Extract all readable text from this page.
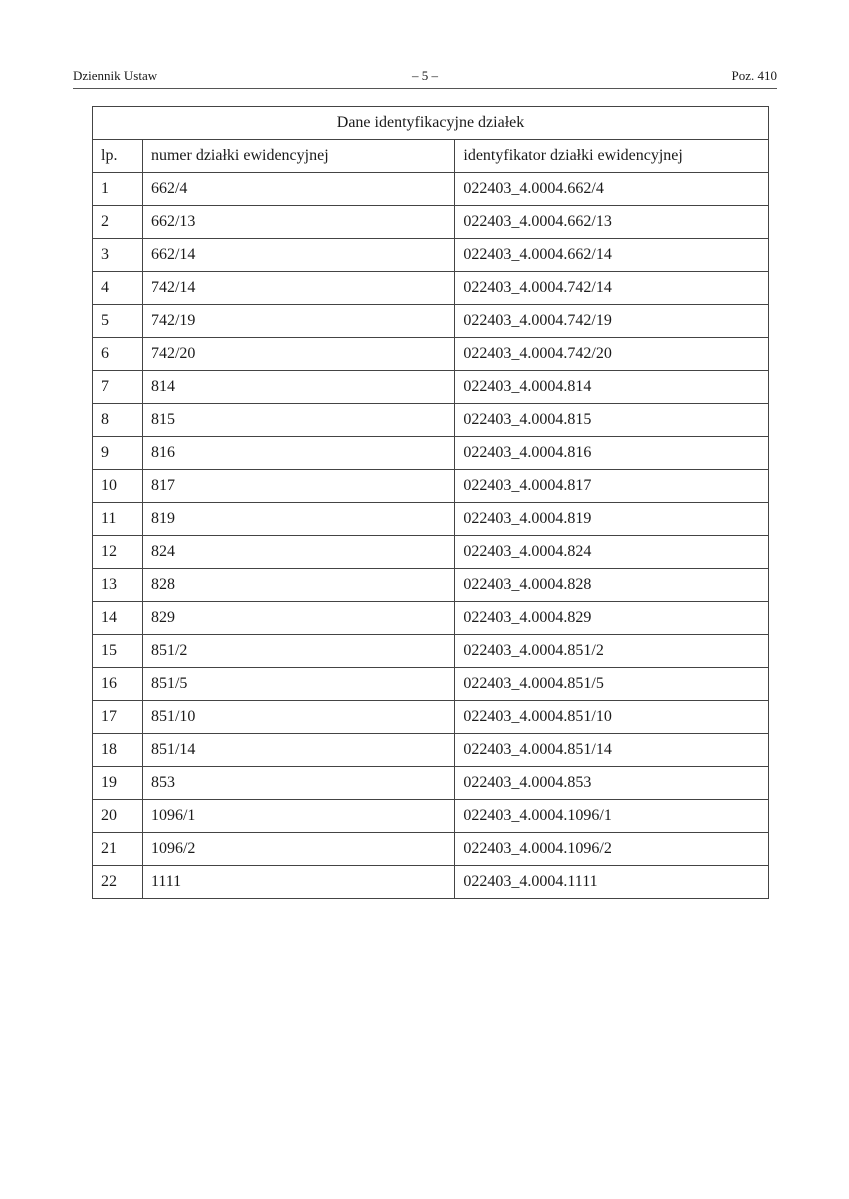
Dziennik Ustaw	– 5 –	Poz. 410
Dane identyfikacyjne działek		
lp.	numer działki ewidencyjnej	identyfikator działki ewidencyjnej
1	662/4	022403_4.0004.662/4
2	662/13	022403_4.0004.662/13
3	662/14	022403_4.0004.662/14
4	742/14	022403_4.0004.742/14
5	742/19	022403_4.0004.742/19
6	742/20	022403_4.0004.742/20
7	814	022403_4.0004.814
8	815	022403_4.0004.815
9	816	022403_4.0004.816
10	817	022403_4.0004.817
11	819	022403_4.0004.819
12	824	022403_4.0004.824
13	828	022403_4.0004.828
14	829	022403_4.0004.829
15	851/2	022403_4.0004.851/2
16	851/5	022403_4.0004.851/5
17	851/10	022403_4.0004.851/10
18	851/14	022403_4.0004.851/14
19	853	022403_4.0004.853
20	1096/1	022403_4.0004.1096/1
21	1096/2	022403_4.0004.1096/2
22	1111	022403_4.0004.1111
